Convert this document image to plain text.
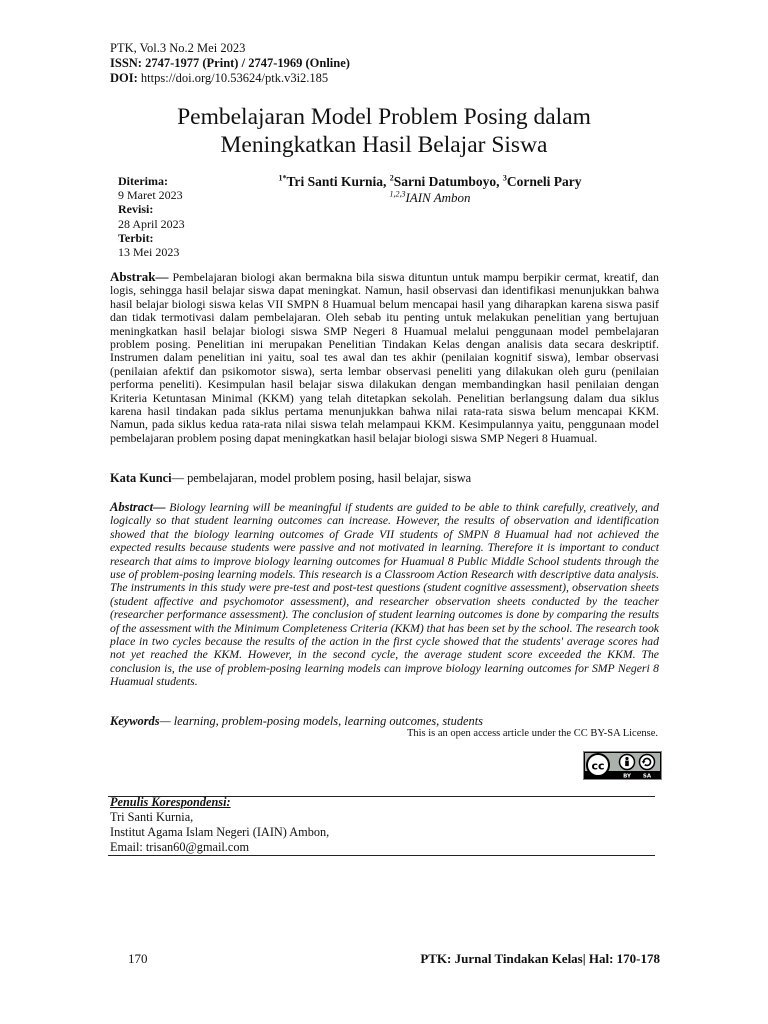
PTK, Vol.3 No.2 Mei 2023
ISSN: 2747-1977 (Print) / 2747-1969 (Online)
DOI: https://doi.org/10.53624/ptk.v3i2.185
Pembelajaran Model Problem Posing dalam
Meningkatkan Hasil Belajar Siswa
Diterima:
9 Maret 2023
Revisi:
28 April 2023
Terbit:
13 Mei 2023
$^{1*}$Tri Santi Kurnia, $^2$Sarni Datumboyo, $^3$Corneli Pary
$^{1,2,3}$IAIN Ambon
Abstrak— Pembelajaran biologi akan bermakna bila siswa dituntun untuk mampu berpikir cermat, kreatif, dan logis, sehingga hasil belajar siswa dapat meningkat. Namun, hasil observasi dan identifikasi menunjukkan bahwa hasil belajar biologi siswa kelas VII SMPN 8 Huamual belum mencapai hasil yang diharapkan karena siswa pasif dan tidak termotivasi dalam pembelajaran. Oleh sebab itu penting untuk melakukan penelitian yang bertujuan meningkatkan hasil belajar biologi siswa SMP Negeri 8 Huamual melalui penggunaan model pembelajaran problem posing. Penelitian ini merupakan Penelitian Tindakan Kelas dengan analisis data secara deskriptif. Instrumen dalam penelitian ini yaitu, soal tes awal dan tes akhir (penilaian kognitif siswa), lembar observasi (penilaian afektif dan psikomotor siswa), serta lembar observasi peneliti yang dilakukan oleh guru (penilaian performa peneliti). Kesimpulan hasil belajar siswa dilakukan dengan membandingkan hasil penilaian dengan Kriteria Ketuntasan Minimal (KKM) yang telah ditetapkan sekolah. Penelitian berlangsung dalam dua siklus karena hasil tindakan pada siklus pertama menunjukkan bahwa nilai rata-rata siswa belum mencapai KKM. Namun, pada siklus kedua rata-rata nilai siswa telah melampaui KKM. Kesimpulannya yaitu, penggunaan model pembelajaran problem posing dapat meningkatkan hasil belajar biologi siswa SMP Negeri 8 Huamual.
Kata Kunci— pembelajaran, model problem posing, hasil belajar, siswa
Abstract— Biology learning will be meaningful if students are guided to be able to think carefully, creatively, and logically so that student learning outcomes can increase. However, the results of observation and identification showed that the biology learning outcomes of Grade VII students of SMPN 8 Huamual had not achieved the expected results because students were passive and not motivated in learning. Therefore it is important to conduct research that aims to improve biology learning outcomes for Huamual 8 Public Middle School students through the use of problem-posing learning models. This research is a Classroom Action Research with descriptive data analysis. The instruments in this study were pre-test and post-test questions (student cognitive assessment), observation sheets (student affective and psychomotor assessment), and researcher observation sheets conducted by the teacher (researcher performance assessment). The conclusion of student learning outcomes is done by comparing the results of the assessment with the Minimum Completeness Criteria (KKM) that has been set by the school. The research took place in two cycles because the results of the action in the first cycle showed that the students' average scores had not yet reached the KKM. However, in the second cycle, the average student score exceeded the KKM. The conclusion is, the use of problem-posing learning models can improve biology learning outcomes for SMP Negeri 8 Huamual students.
Keywords— learning, problem-posing models, learning outcomes, students
This is an open access article under the CC BY-SA License.
cc
BY SA
Penulis Korespondensi:
Tri Santi Kurnia,
Institut Agama Islam Negeri (IAIN) Ambon,
Email: trisan60@gmail.com
170	PTK: Jurnal Tindakan Kelas| Hal: 170-178
